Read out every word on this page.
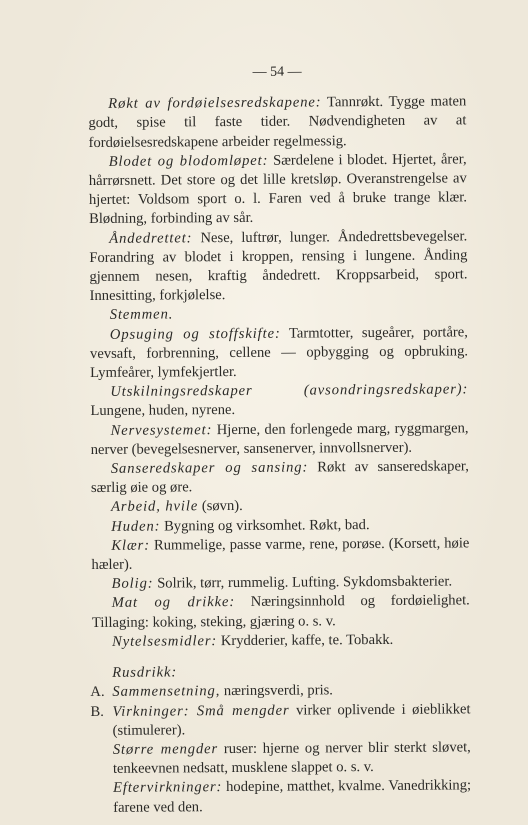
— 54 —

Røkt av fordøielsesredskapene: Tannrøkt. Tygge maten godt, spise til faste tider. Nødvendigheten av at fordøielsesredskapene arbeider regelmessig.

Blodet og blodomløpet: Særdelene i blodet. Hjertet, årer, hårrørsnett. Det store og det lille kretsløp. Overanstrengelse av hjertet: Voldsom sport o. l. Faren ved å bruke trange klær. Blødning, forbinding av sår.

Åndedrettet: Nese, luftrør, lunger. Åndedrettsbevegelser. Forandring av blodet i kroppen, rensing i lungene. Ånding gjennem nesen, kraftig åndedrett. Kroppsarbeid, sport. Innesitting, forkjølelse.

Stemmen.

Opsuging og stoffskifte: Tarmtotter, sugeårer, portåre, vevsaft, forbrenning, cellene — opbygging og opbruking. Lymfeårer, lymfekjertler.

Utskilningsredskaper (avsondringsredskaper): Lungene, huden, nyrene.

Nervesystemet: Hjerne, den forlengede marg, ryggmargen, nerver (bevegelsesnerver, sansenerver, innvollsnerver).

Sanseredskaper og sansing: Røkt av sanseredskaper, særlig øie og øre.

Arbeid, hvile (søvn).

Huden: Bygning og virksomhet. Røkt, bad.

Klær: Rummelige, passe varme, rene, porøse. (Korsett, høie hæler).

Bolig: Solrik, tørr, rummelig. Lufting. Sykdomsbakterier.

Mat og drikke: Næringsinnhold og fordøielighet. Tillaging: koking, steking, gjæring o. s. v.

Nytelsesmidler: Krydderier, kaffe, te. Tobakk.

Rusdrikk:

A. Sammensetning, næringsverdi, pris.

B. Virkninger: Små mengder virker oplivende i øieblikket (stimulerer).

Større mengder ruser: hjerne og nerver blir sterkt sløvet, tenkeevnen nedsatt, musklene slappet o. s. v.

Eftervirkninger: hodepine, matthet, kvalme. Vanedrikking; farene ved den.
